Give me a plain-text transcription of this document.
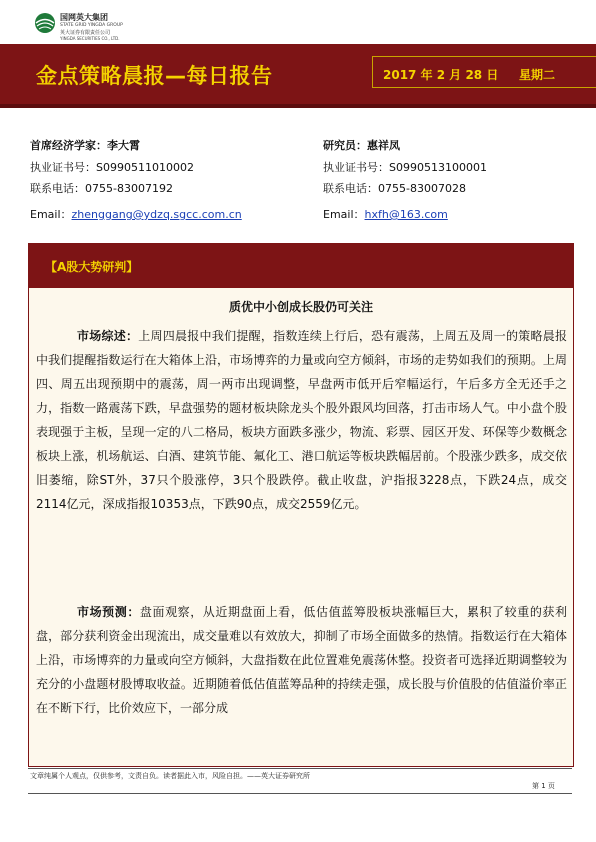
国网英大集团
STATE GRID YINGDA GROUP
英大证券有限责任公司
YINGDA SECURITIES CO., LTD.
金点策略晨报—每日报告	2017 年 2 月 28 日 星期二
首席经济学家：李大霄
执业证书号：S0990511010002
联系电话：0755-83007192
Email：zhenggang@ydzq.sgcc.com.cn
研究员：惠祥凤
执业证书号：S0990513100001
联系电话：0755-83007028
Email：hxfh@163.com
【A股大势研判】
质优中小创成长股仍可关注
市场综述：上周四晨报中我们提醒，指数连续上行后，恐有震荡，上周五及周一的策略晨报中我们提醒指数运行在大箱体上沿，市场博弈的力量或向空方倾斜，市场的走势如我们的预期。上周四、周五出现预期中的震荡，周一两市出现调整，早盘两市低开后窄幅运行，午后多方全无还手之力，指数一路震荡下跌，早盘强势的题材板块除龙头个股外跟风均回落，打击市场人气。中小盘个股表现强于主板，呈现一定的八二格局，板块方面跌多涨少，物流、彩票、园区开发、环保等少数概念板块上涨，机场航运、白酒、建筑节能、氟化工、港口航运等板块跌幅居前。个股涨少跌多，成交依旧萎缩，除ST外，37只个股涨停，3只个股跌停。截止收盘，沪指报3228点，下跌24点，成交2114亿元，深成指报10353点，下跌90点，成交2559亿元。
市场预测：盘面观察，从近期盘面上看，低估值蓝筹股板块涨幅巨大，累积了较重的获利盘，部分获利资金出现流出，成交量难以有效放大，抑制了市场全面做多的热情。指数运行在大箱体上沿，市场博弈的力量或向空方倾斜，大盘指数在此位置难免震荡休整。投资者可选择近期调整较为充分的小盘题材股博取收益。近期随着低估值蓝筹品种的持续走强，成长股与价值股的估值溢价率正在不断下行，比价效应下，一部分成
文章纯属个人观点，仅供参考，文责自负。读者据此入市，风险自担。——英大证券研究所
第 1 页
